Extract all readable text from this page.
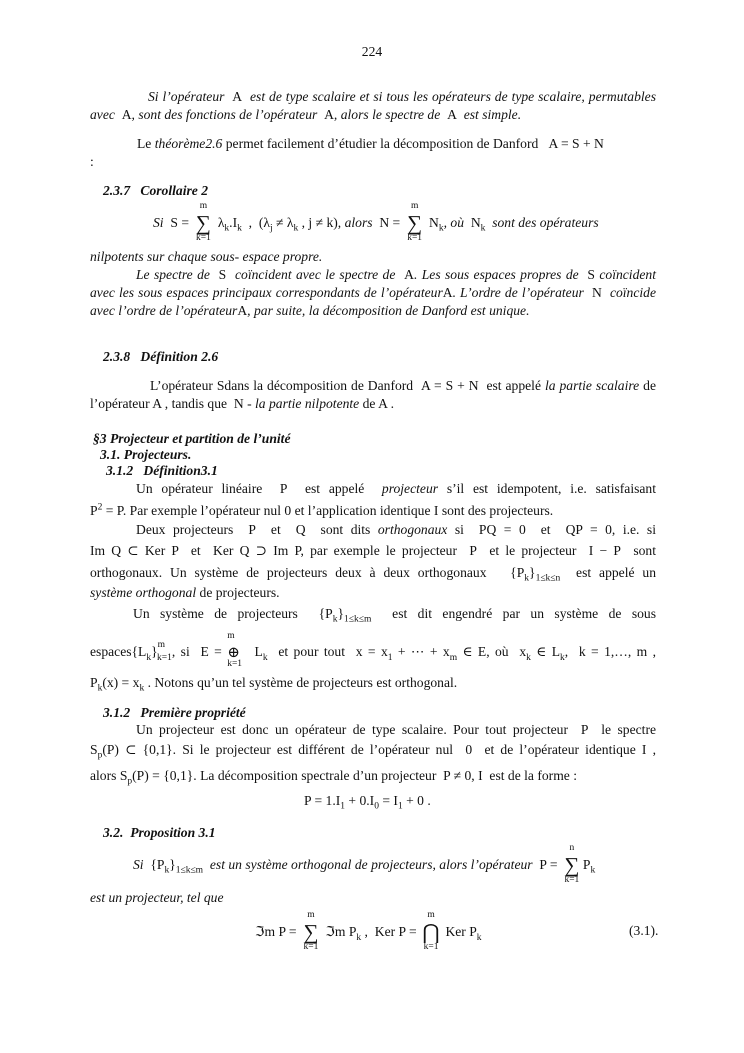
224
Si l’opérateur  A  est de type scalaire et si tous les opérateurs de type scalaire, permutables avec  A, sont des fonctions de l’opérateur  A, alors le spectre de  A  est simple.
Le théorème2.6 permet facilement d’étudier la décomposition de Danford   A = S + N
:
2.3.7 Corollaire 2
Si S =
m
∑
k=1
$\lambda_k.I_k$  ,  ($\lambda_j \ne \lambda_k$ , j ≠ k), alors N =
m
∑
k=1
$N_k$, où $N_k$ sont des opérateurs
nilpotents sur chaque sous- espace propre.
Le spectre de  S  coïncident avec le spectre de  A. Les sous espaces propres de  S coïncident avec les sous espaces principaux correspondants de l’opérateurA. L’ordre de l’opérateur  N  coïncide avec l’ordre de l’opérateurA, par suite, la décomposition de Danford est unique.
2.3.8 Définition 2.6
L’opérateur Sdans la décomposition de Danford  A = S + N  est appelé la partie scalaire de l’opérateur A , tandis que  N - la partie nilpotente de A .
§3 Projecteur et partition de l’unité
3.1. Projecteurs.
3.1.2 Définition3.1
Un opérateur linéaire  P  est appelé projecteur s’il est idempotent, i.e. satisfaisant
$P^2 = P$. Par exemple l’opérateur nul 0 et l’application identique I sont des projecteurs.
Deux projecteurs  P  et  Q  sont dits orthogonaux si  PQ = 0  et  QP = 0, i.e. si
Im Q ⊂ Ker P  et  Ker Q ⊃ Im P, par exemple le projecteur  P  et le projecteur  I − P  sont
orthogonaux. Un système de projecteurs deux à deux orthogonaux   $\{P_k\}_{1\le k\le n}$ est appelé un
système orthogonal de projecteurs.
Un système de projecteurs  $\{P_k\}_{1\le k\le m}$ est dit engendré par un système de sous
$espaces\{L_k\}^m_{k=1}$, si  E =
m
⊕
k=1
$L_k$ et pour tout  $x = x_1$ + ⋯ + $x_m$ ∈ E, où  $x_k$ ∈ $L_k$,  k = 1,…, m ,
$P_k(x) = x_k$ . Notons qu’un tel système de projecteurs est orthogonal.
3.1.2 Première propriété
Un projecteur est donc un opérateur de type scalaire. Pour tout projecteur  P  le spectre
$S_p(P)$ ⊂ {0,1}. Si le projecteur est différent de l’opérateur nul  0  et de l’opérateur identique I ,
alors $S_p(P) = \{0,1\}$. La décomposition spectrale d’un projecteur  P ≠ 0, I  est de la forme :
$P = 1.I_1 + 0.I_0 = I_1 + 0$ .
3.2. Proposition 3.1
Si $\{P_k\}_{1\le k\le m}$ est un système orthogonal de projecteurs, alors l’opérateur P =
n
∑
k=1
$P_k$
est un projecteur, tel que
ℑm P =
m
∑
k=1
ℑm $P_k$ ,  Ker P =
m
⋂
k=1
Ker $P_k$	(3.1).
